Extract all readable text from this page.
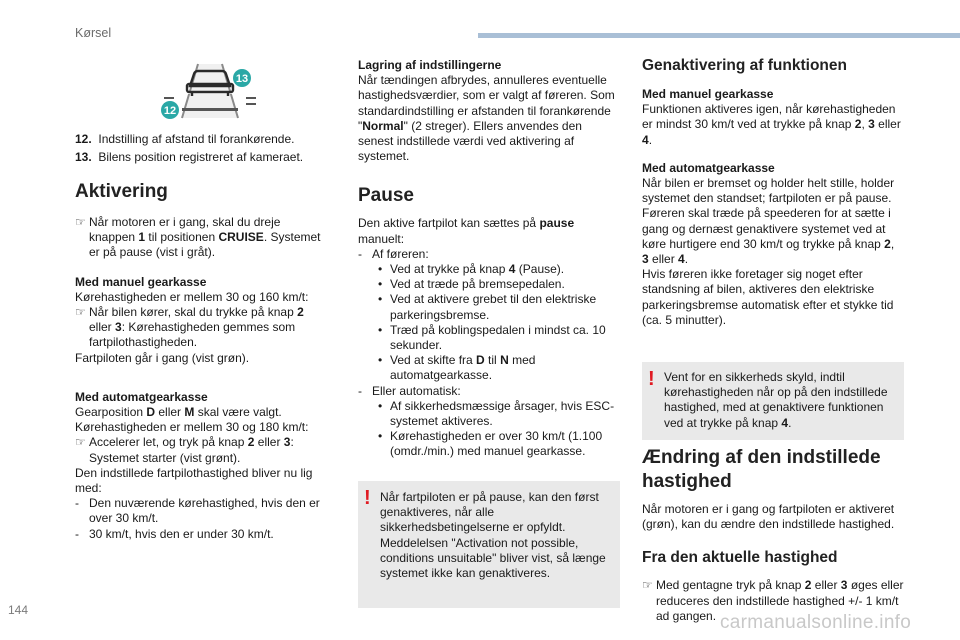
Kørsel
144
carmanualsonline.info
13
12
12. Indstilling af afstand til forankørende.
13. Bilens position registreret af kameraet.
Aktivering
☞ Når motoren er i gang, skal du dreje knappen 1 til positionen CRUISE. Systemet er på pause (vist i gråt).

Med manuel gearkasse

Kørehastigheden er mellem 30 og 160 km/t:

☞ Når bilen kører, skal du trykke på knap 2 eller 3: Kørehastigheden gemmes som fartpilothastigheden.

Fartpiloten går i gang (vist grøn).

Med automatgearkasse

Gearposition D eller M skal være valgt.

Kørehastigheden er mellem 30 og 180 km/t:

☞ Accelerer let, og tryk på knap 2 eller 3: Systemet starter (vist grønt).

Den indstillede fartpilothastighed bliver nu lig med:

- Den nuværende kørehastighed, hvis den er over 30 km/t.
- 30 km/t, hvis den er under 30 km/t.

Lagring af indstillingerne

Når tændingen afbrydes, annulleres eventuelle hastighedsværdier, som er valgt af føreren. Som standardindstilling er afstanden til forankørende "Normal" (2 streger). Ellers anvendes den senest indstillede værdi ved aktivering af systemet.

Pause

Den aktive fartpilot kan sættes på pause manuelt:

- Af føreren:
• Ved at trykke på knap 4 (Pause).
• Ved at træde på bremsepedalen.
• Ved at aktivere grebet til den elektriske parkeringsbremse.
• Træd på koblingspedalen i mindst ca. 10 sekunder.
• Ved at skifte fra D til N med automatgearkasse.
- Eller automatisk:
• Af sikkerhedsmæssige årsager, hvis ESC-systemet aktiveres.
• Kørehastigheden er over 30 km/t (1.100 (omdr./min.) med manuel gearkasse.
! Når fartpiloten er på pause, kan den først genaktiveres, når alle sikkerhedsbetingelserne er opfyldt. Meddelelsen "Activation not possible, conditions unsuitable" bliver vist, så længe systemet ikke kan genaktiveres.
Genaktivering af funktionen

Med manuel gearkasse

Funktionen aktiveres igen, når kørehastigheden er mindst 30 km/t ved at trykke på knap 2, 3 eller 4.

Med automatgearkasse

Når bilen er bremset og holder helt stille, holder systemet den standset; fartpiloten er på pause. Føreren skal træde på speederen for at sætte i gang og dernæst genaktivere systemet ved at køre hurtigere end 30 km/t og trykke på knap 2, 3 eller 4.

Hvis føreren ikke foretager sig noget efter standsning af bilen, aktiveres den elektriske parkeringsbremse automatisk efter et stykke tid (ca. 5 minutter).

! Vent for en sikkerheds skyld, indtil kørehastigheden når op på den indstillede hastighed, med at genaktivere funktionen ved at trykke på knap 4.
Ændring af den indstillede hastighed

Når motoren er i gang og fartpiloten er aktiveret (grøn), kan du ændre den indstillede hastighed.

Fra den aktuelle hastighed
☞ Med gentagne tryk på knap 2 eller 3 øges eller reduceres den indstillede hastighed +/- 1 km/t ad gangen.
